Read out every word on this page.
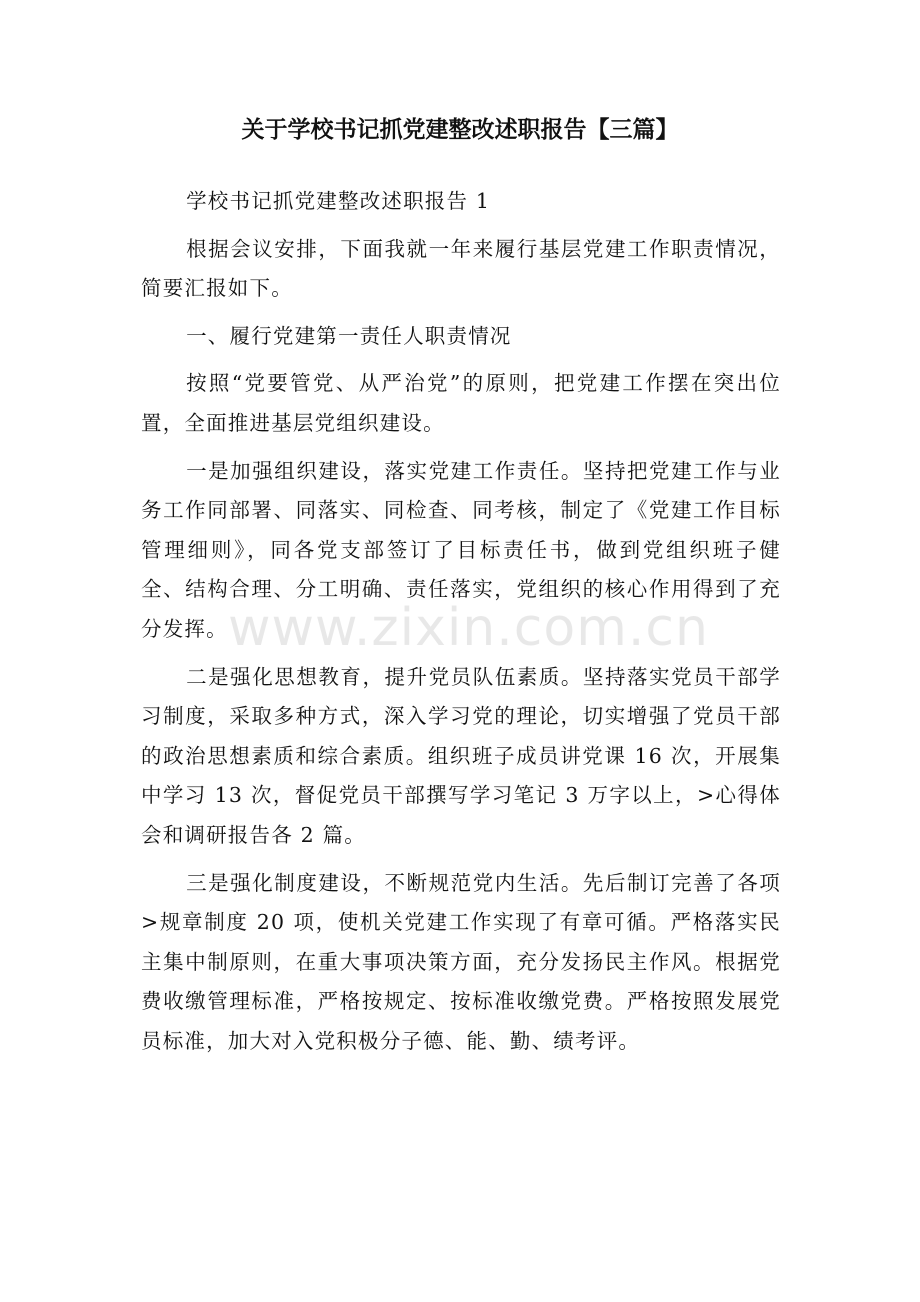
关于学校书记抓党建整改述职报告【三篇】

学校书记抓党建整改述职报告 1

根据会议安排，下面我就一年来履行基层党建工作职责情况，简要汇报如下。

一、履行党建第一责任人职责情况

按照“党要管党、从严治党”的原则，把党建工作摆在突出位置，全面推进基层党组织建设。

一是加强组织建设，落实党建工作责任。坚持把党建工作与业务工作同部署、同落实、同检查、同考核，制定了《党建工作目标管理细则》，同各党支部签订了目标责任书，做到党组织班子健全、结构合理、分工明确、责任落实，党组织的核心作用得到了充分发挥。

二是强化思想教育，提升党员队伍素质。坚持落实党员干部学习制度，采取多种方式，深入学习党的理论，切实增强了党员干部的政治思想素质和综合素质。组织班子成员讲党课 16 次，开展集中学习 13 次，督促党员干部撰写学习笔记 3 万字以上，>心得体会和调研报告各 2 篇。

三是强化制度建设，不断规范党内生活。先后制订完善了各项>规章制度 20 项，使机关党建工作实现了有章可循。严格落实民主集中制原则，在重大事项决策方面，充分发扬民主作风。根据党费收缴管理标准，严格按规定、按标准收缴党费。严格按照发展党员标准，加大对入党积极分子德、能、勤、绩考评。

www.zixin.com.cn
